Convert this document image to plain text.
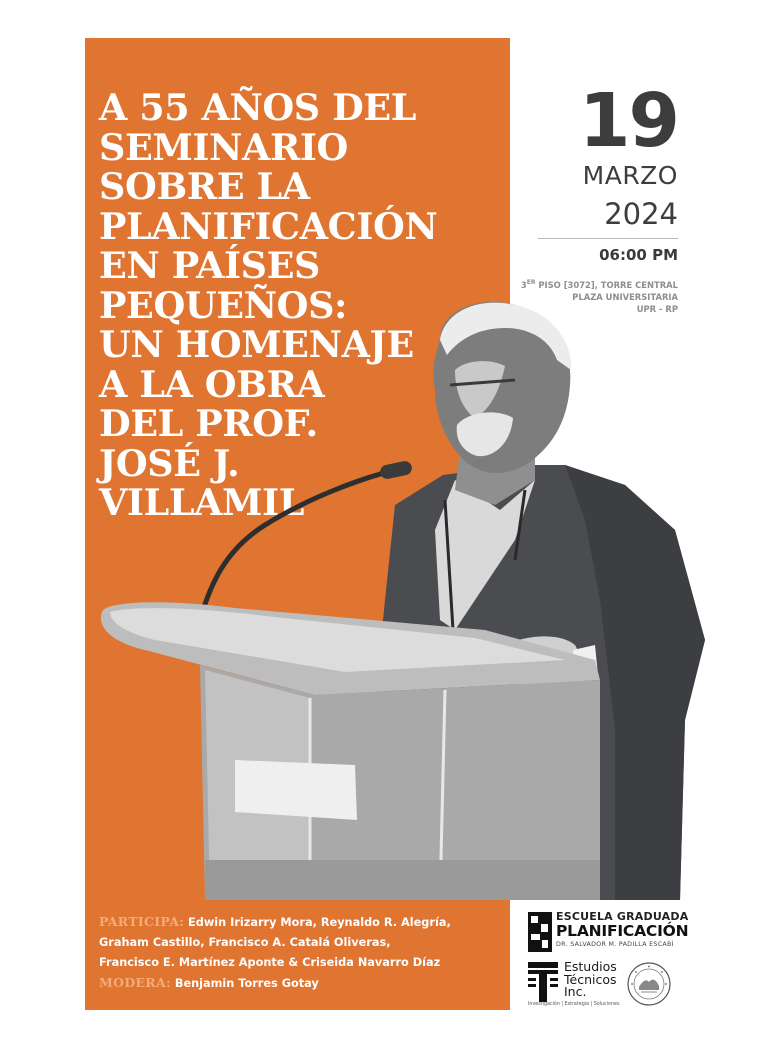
A 55 AÑOS DEL
SEMINARIO
SOBRE LA
PLANIFICACIÓN
EN PAÍSES
PEQUEÑOS:
UN HOMENAJE
A LA OBRA
DEL PROF.
JOSÉ J.
VILLAMIL
19
MARZO
2024
06:00 PM
3ER PISO [3072], TORRE CENTRAL
PLAZA UNIVERSITARIA
UPR - RP
PARTICIPA: Edwin Irizarry Mora, Reynaldo R. Alegría,
Graham Castillo, Francisco A. Catalá Oliveras,
Francisco E. Martínez Aponte & Criseida Navarro Díaz
MODERA: Benjamin Torres Gotay
ESCUELA GRADUADA
PLANIFICACIÓN
DR. SALVADOR M. PADILLA ESCABÍ
Estudios
Técnicos
Inc.
Investigación | Estrategia | Soluciones
